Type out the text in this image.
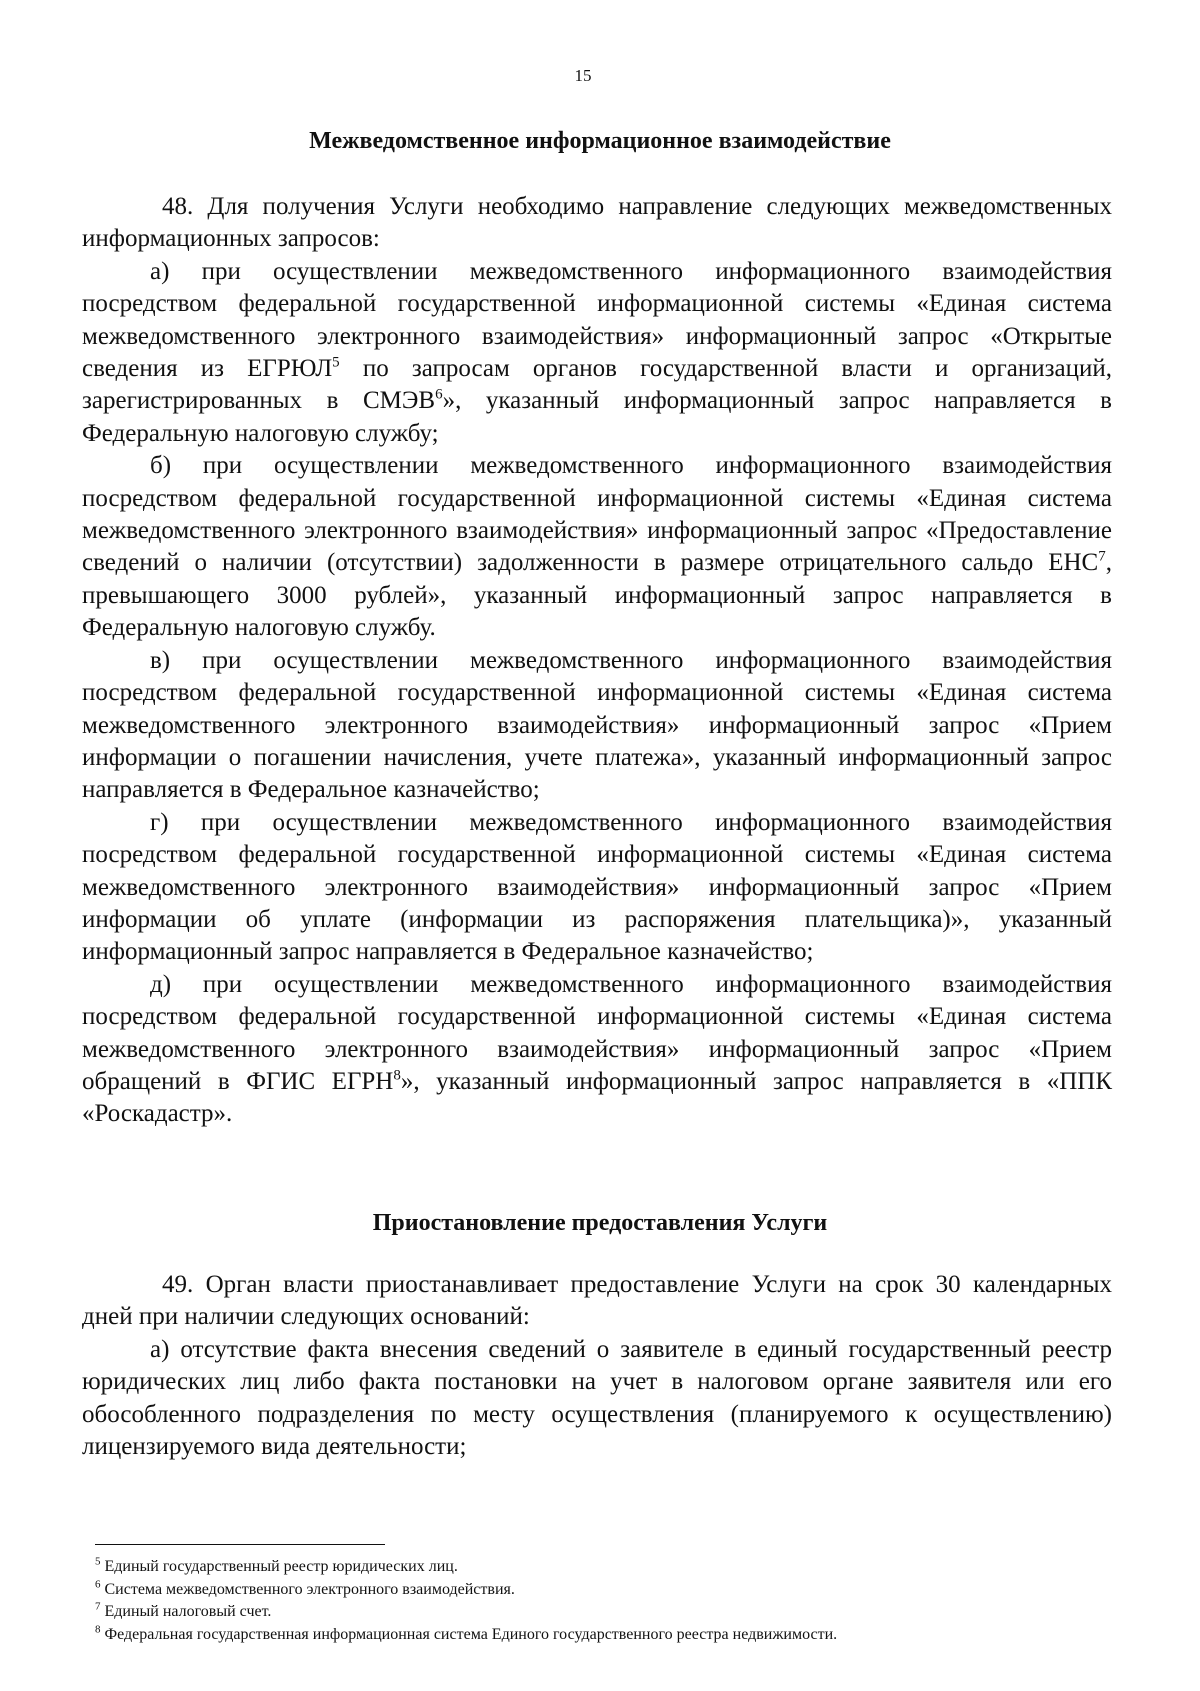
15
Межведомственное информационное взаимодействие

48. Для получения Услуги необходимо направление следующих межведомственных информационных запросов:

а) при осуществлении межведомственного информационного взаимодействия посредством федеральной государственной информационной системы «Единая система межведомственного электронного взаимодействия» информационный запрос «Открытые сведения из ЕГРЮЛ$^5$ по запросам органов государственной власти и организаций, зарегистрированных в СМЭВ$^6$», указанный информационный запрос направляется в Федеральную налоговую службу;

б) при осуществлении межведомственного информационного взаимодействия посредством федеральной государственной информационной системы «Единая система межведомственного электронного взаимодействия» информационный запрос «Предоставление сведений о наличии (отсутствии) задолженности в размере отрицательного сальдо ЕНС$^7$, превышающего 3000 рублей», указанный информационный запрос направляется в Федеральную налоговую службу.

в) при осуществлении межведомственного информационного взаимодействия посредством федеральной государственной информационной системы «Единая система межведомственного электронного взаимодействия» информационный запрос «Прием информации о погашении начисления, учете платежа», указанный информационный запрос направляется в Федеральное казначейство;

г) при осуществлении межведомственного информационного взаимодействия посредством федеральной государственной информационной системы «Единая система межведомственного электронного взаимодействия» информационный запрос «Прием информации об уплате (информации из распоряжения плательщика)», указанный информационный запрос направляется в Федеральное казначейство;

д) при осуществлении межведомственного информационного взаимодействия посредством федеральной государственной информационной системы «Единая система межведомственного электронного взаимодействия» информационный запрос «Прием обращений в ФГИС ЕГРН$^8$», указанный информационный запрос направляется в «ППК «Роскадастр».

Приостановление предоставления Услуги

49. Орган власти приостанавливает предоставление Услуги на срок 30 календарных дней при наличии следующих оснований:

а) отсутствие факта внесения сведений о заявителе в единый государственный реестр юридических лиц либо факта постановки на учет в налоговом органе заявителя или его обособленного подразделения по месту осуществления (планируемого к осуществлению) лицензируемого вида деятельности;

$^5$ Единый государственный реестр юридических лиц.
$^6$ Система межведомственного электронного взаимодействия.
$^7$ Единый налоговый счет.
$^8$ Федеральная государственная информационная система Единого государственного реестра недвижимости.
